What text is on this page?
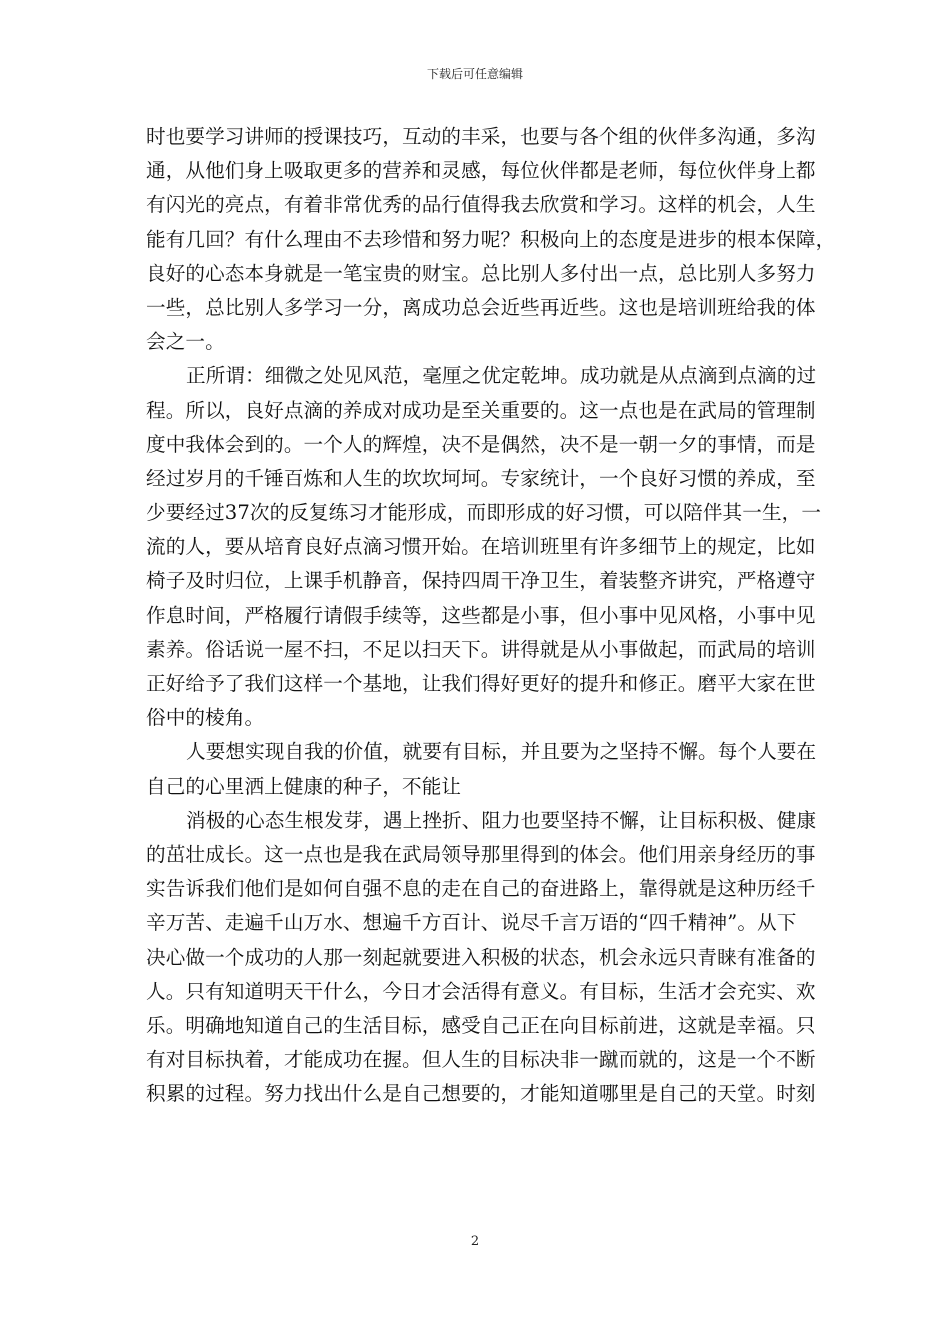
下载后可任意编辑
时也要学习讲师的授课技巧，互动的丰采，也要与各个组的伙伴多沟通，多沟
通，从他们身上吸取更多的营养和灵感，每位伙伴都是老师，每位伙伴身上都
有闪光的亮点，有着非常优秀的品行值得我去欣赏和学习。这样的机会，人生
能有几回？有什么理由不去珍惜和努力呢？积极向上的态度是进步的根本保障，
良好的心态本身就是一笔宝贵的财宝。总比别人多付出一点，总比别人多努力
一些，总比别人多学习一分，离成功总会近些再近些。这也是培训班给我的体
会之一。
正所谓：细微之处见风范，毫厘之优定乾坤。成功就是从点滴到点滴的过
程。所以，良好点滴的养成对成功是至关重要的。这一点也是在武局的管理制
度中我体会到的。一个人的辉煌，决不是偶然，决不是一朝一夕的事情，而是
经过岁月的千锤百炼和人生的坎坎坷坷。专家统计，一个良好习惯的养成，至
少要经过37次的反复练习才能形成，而即形成的好习惯，可以陪伴其一生，一
流的人，要从培育良好点滴习惯开始。在培训班里有许多细节上的规定，比如
椅子及时归位，上课手机静音，保持四周干净卫生，着装整齐讲究，严格遵守
作息时间，严格履行请假手续等，这些都是小事，但小事中见风格，小事中见
素养。俗话说一屋不扫，不足以扫天下。讲得就是从小事做起，而武局的培训
正好给予了我们这样一个基地，让我们得好更好的提升和修正。磨平大家在世
俗中的棱角。
人要想实现自我的价值，就要有目标，并且要为之坚持不懈。每个人要在
自己的心里洒上健康的种子，不能让
消极的心态生根发芽，遇上挫折、阻力也要坚持不懈，让目标积极、健康
的茁壮成长。这一点也是我在武局领导那里得到的体会。他们用亲身经历的事
实告诉我们他们是如何自强不息的走在自己的奋进路上，靠得就是这种历经千
辛万苦、走遍千山万水、想遍千方百计、说尽千言万语的“四千精神”。从下
决心做一个成功的人那一刻起就要进入积极的状态，机会永远只青睐有准备的
人。只有知道明天干什么，今日才会活得有意义。有目标，生活才会充实、欢
乐。明确地知道自己的生活目标，感受自己正在向目标前进，这就是幸福。只
有对目标执着，才能成功在握。但人生的目标决非一蹴而就的，这是一个不断
积累的过程。努力找出什么是自己想要的，才能知道哪里是自己的天堂。时刻
2
